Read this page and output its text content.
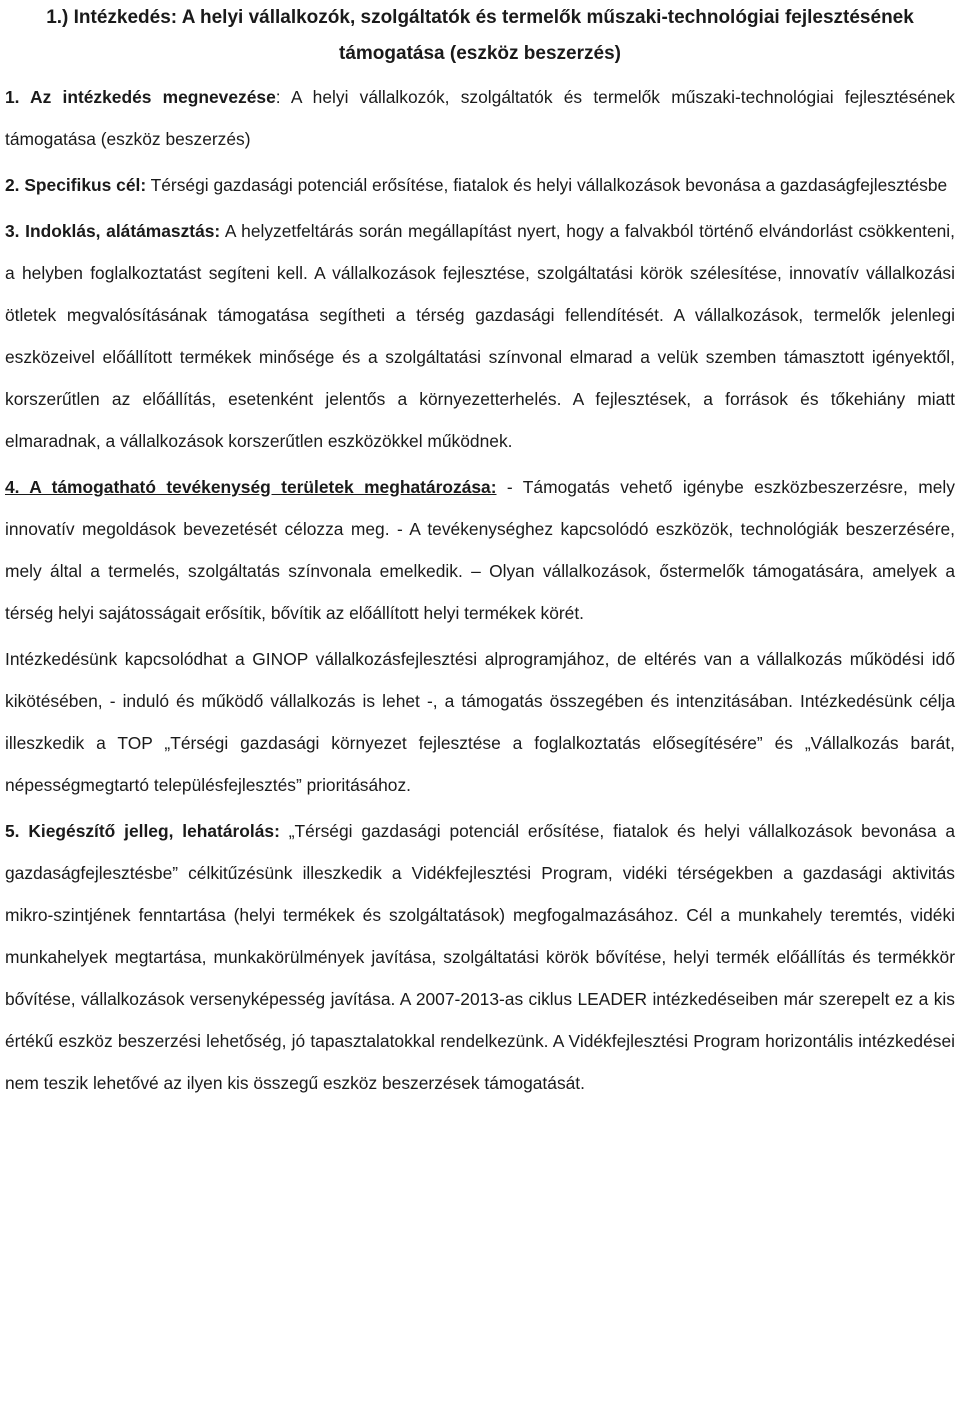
1.) Intézkedés: A helyi vállalkozók, szolgáltatók és termelők műszaki-technológiai fejlesztésének támogatása (eszköz beszerzés)

1. Az intézkedés megnevezése: A helyi vállalkozók, szolgáltatók és termelők műszaki-technológiai fejlesztésének támogatása (eszköz beszerzés)

2. Specifikus cél: Térségi gazdasági potenciál erősítése, fiatalok és helyi vállalkozások bevonása a gazdaságfejlesztésbe

3. Indoklás, alátámasztás: A helyzetfeltárás során megállapítást nyert, hogy a falvakból történő elvándorlást csökkenteni, a helyben foglalkoztatást segíteni kell. A vállalkozások fejlesztése, szolgáltatási körök szélesítése, innovatív vállalkozási ötletek megvalósításának támogatása segítheti a térség gazdasági fellendítését. A vállalkozások, termelők jelenlegi eszközeivel előállított termékek minősége és a szolgáltatási színvonal elmarad a velük szemben támasztott igényektől, korszerűtlen az előállítás, esetenként jelentős a környezetterhelés. A fejlesztések, a források és tőkehiány miatt elmaradnak, a vállalkozások korszerűtlen eszközökkel működnek.

4. A támogatható tevékenység területek meghatározása: - Támogatás vehető igénybe eszközbeszerzésre, mely innovatív megoldások bevezetését célozza meg. - A tevékenységhez kapcsolódó eszközök, technológiák beszerzésére, mely által a termelés, szolgáltatás színvonala emelkedik. – Olyan vállalkozások, őstermelők támogatására, amelyek a térség helyi sajátosságait erősítik, bővítik az előállított helyi termékek körét.

Intézkedésünk kapcsolódhat a GINOP vállalkozásfejlesztési alprogramjához, de eltérés van a vállalkozás működési idő kikötésében, - induló és működő vállalkozás is lehet -, a támogatás összegében és intenzitásában. Intézkedésünk célja illeszkedik a TOP „Térségi gazdasági környezet fejlesztése a foglalkoztatás elősegítésére” és „Vállalkozás barát, népességmegtartó településfejlesztés” prioritásához.

5. Kiegészítő jelleg, lehatárolás: „Térségi gazdasági potenciál erősítése, fiatalok és helyi vállalkozások bevonása a gazdaságfejlesztésbe” célkitűzésünk illeszkedik a Vidékfejlesztési Program, vidéki térségekben a gazdasági aktivitás mikro-szintjének fenntartása (helyi termékek és szolgáltatások) megfogalmazásához. Cél a munkahely teremtés, vidéki munkahelyek megtartása, munkakörülmények javítása, szolgáltatási körök bővítése, helyi termék előállítás és termékkör bővítése, vállalkozások versenyképesség javítása. A 2007-2013-as ciklus LEADER intézkedéseiben már szerepelt ez a kis értékű eszköz beszerzési lehetőség, jó tapasztalatokkal rendelkezünk. A Vidékfejlesztési Program horizontális intézkedései nem teszik lehetővé az ilyen kis összegű eszköz beszerzések támogatását.
